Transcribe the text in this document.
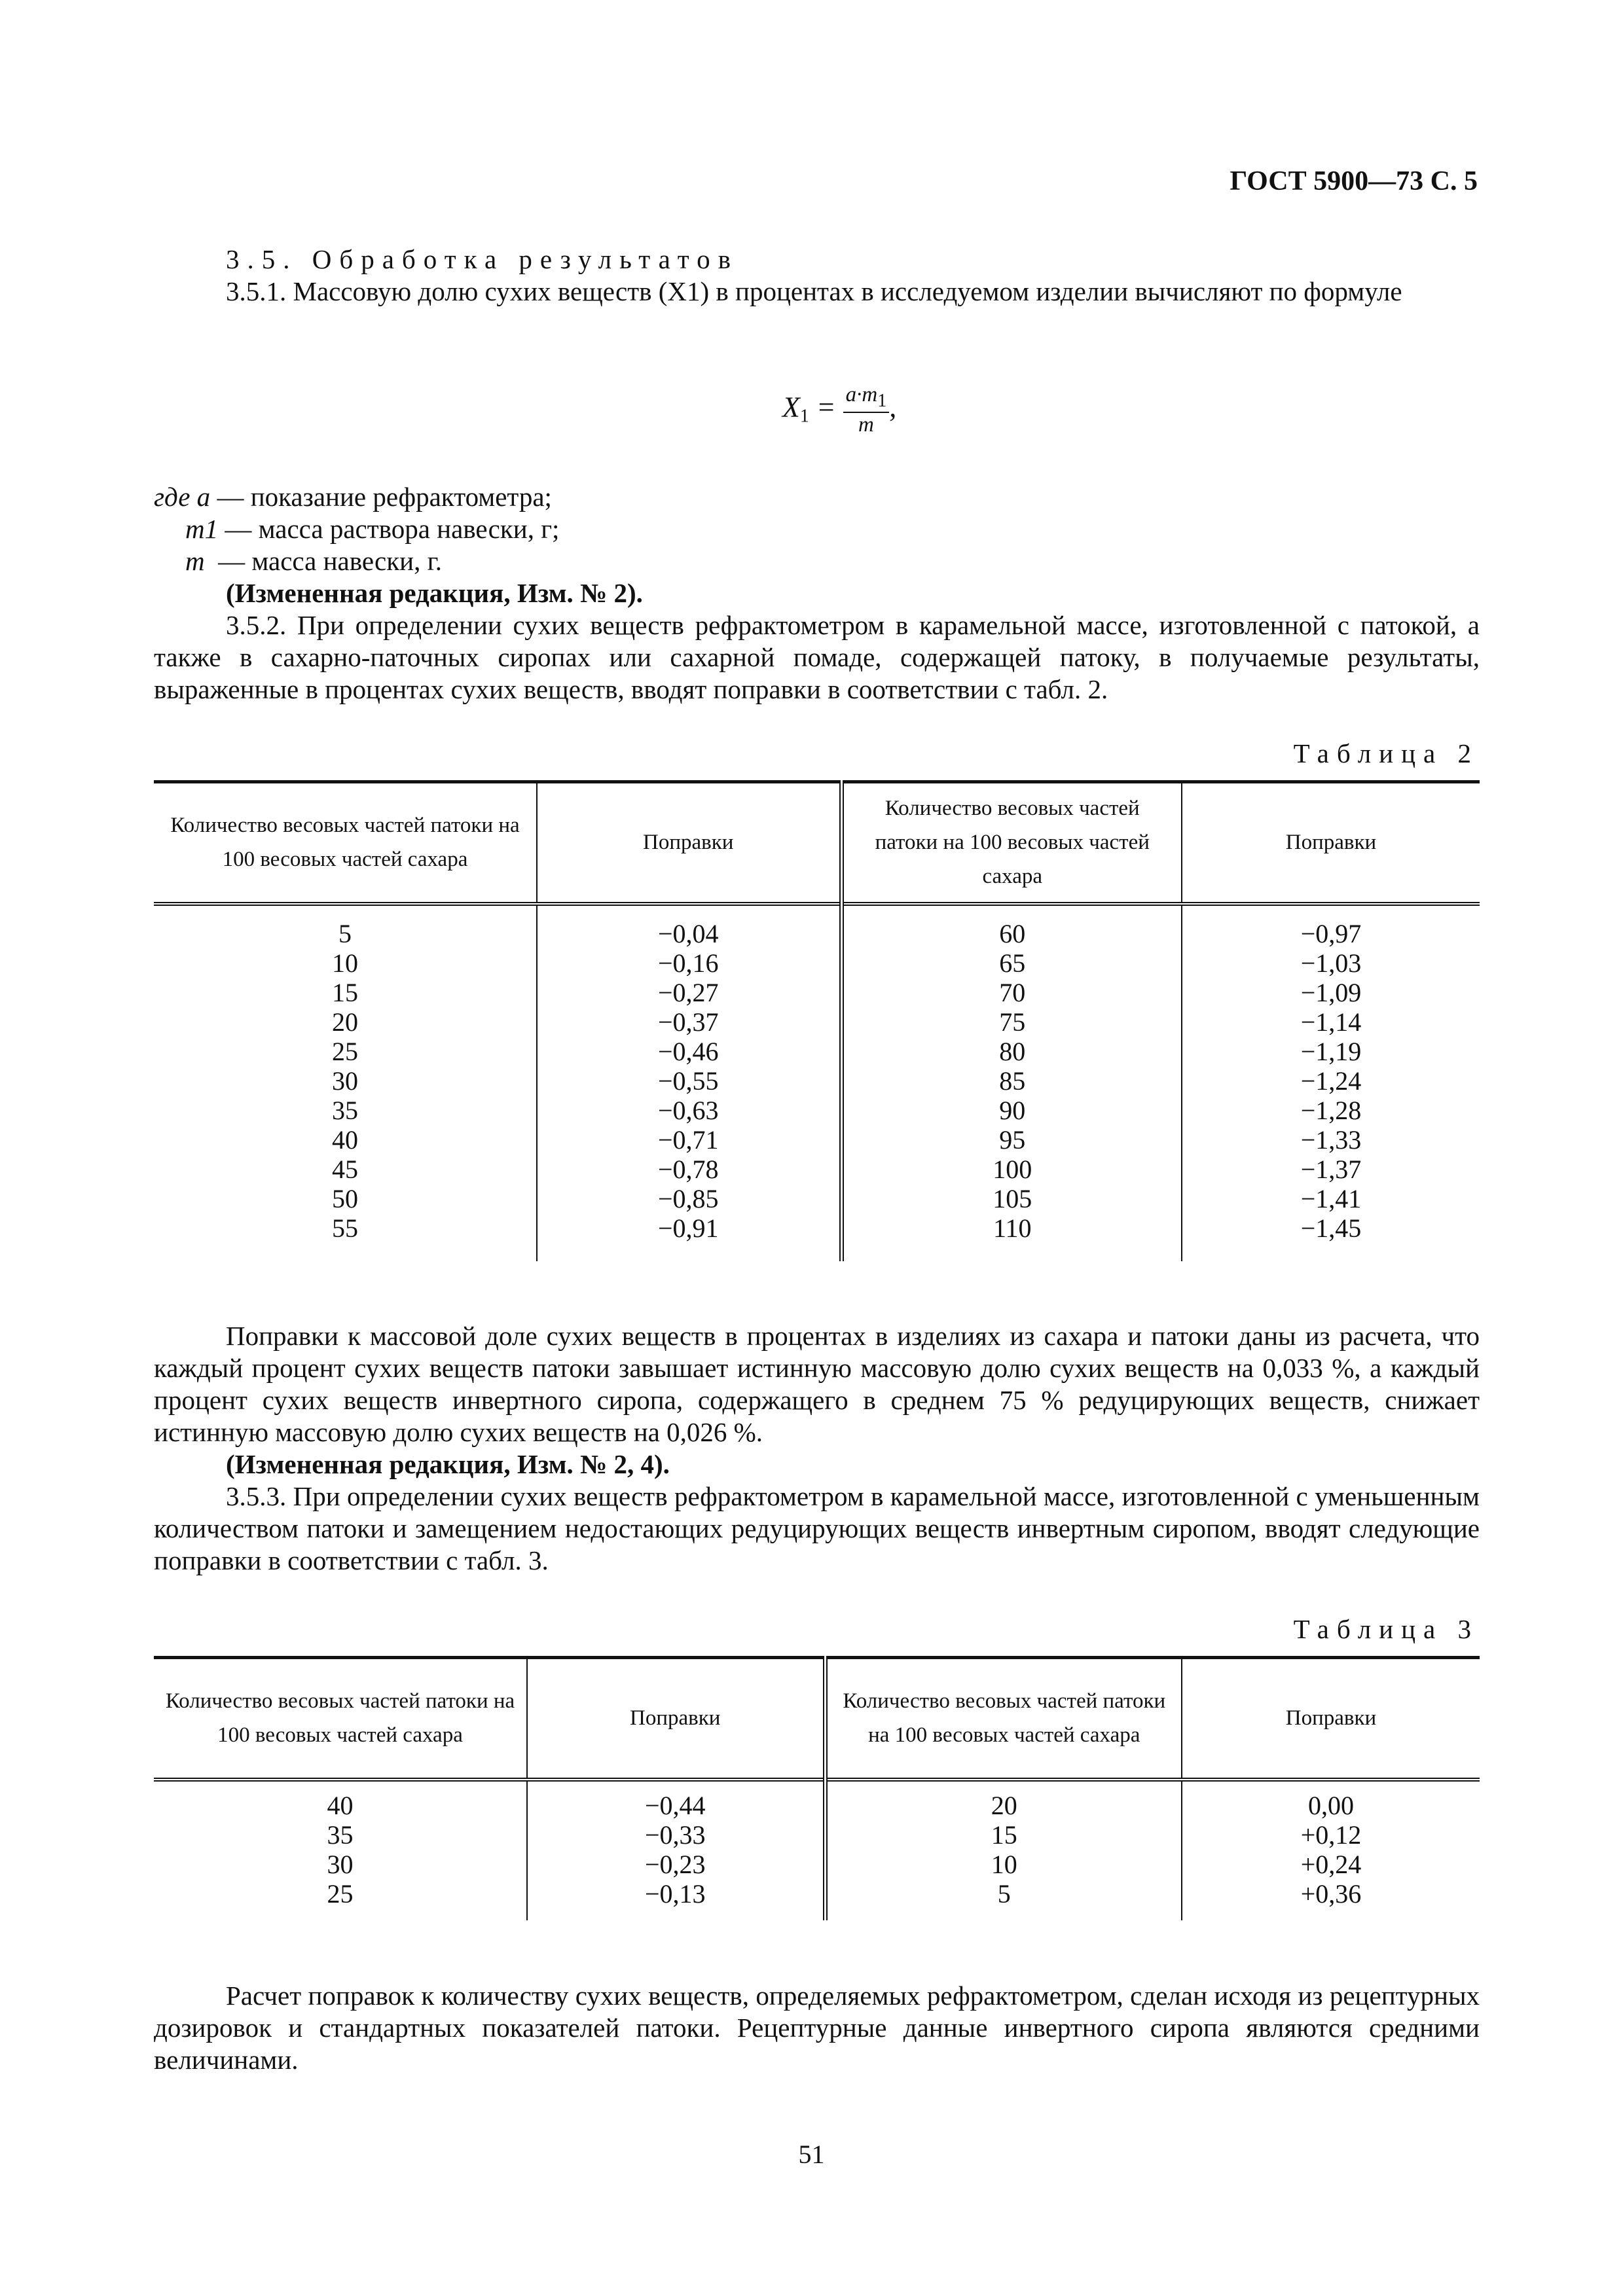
ГОСТ 5900—73 С. 5

3.5. Обработка результатов

3.5.1. Массовую долю сухих веществ (X1) в процентах в исследуемом изделии вычисляют по формуле

$X_1 = \frac{a\cdot m_1}{m}$ ,
где a — показание рефрактометра;
m1 — масса раствора навески, г;
m  — масса навески, г.

(Измененная редакция, Изм. № 2).

3.5.2. При определении сухих веществ рефрактометром в карамельной массе, изготовленной с патокой, а также в сахарно-паточных сиропах или сахарной помаде, содержащей патоку, в получаемые результаты, выраженные в процентах сухих веществ, вводят поправки в соответствии с табл. 2.

Таблица 2
Количество весовых частей патоки на 100 весовых частей сахара	Поправки	Количество весовых частей патоки на 100 весовых частей сахара	Поправки

5	−0,04	60	−0,97
10	−0,16	65	−1,03
15	−0,27	70	−1,09
20	−0,37	75	−1,14
25	−0,46	80	−1,19
30	−0,55	85	−1,24
35	−0,63	90	−1,28
40	−0,71	95	−1,33
45	−0,78	100	−1,37
50	−0,85	105	−1,41
55	−0,91	110	−1,45

Поправки к массовой доле сухих веществ в процентах в изделиях из сахара и патоки даны из расчета, что каждый процент сухих веществ патоки завышает истинную массовую долю сухих веществ на 0,033 %, а каждый процент сухих веществ инвертного сиропа, содержащего в среднем 75 % редуцирующих веществ, снижает истинную массовую долю сухих веществ на 0,026 %.

(Измененная редакция, Изм. № 2, 4).

3.5.3. При определении сухих веществ рефрактометром в карамельной массе, изготовленной с уменьшенным количеством патоки и замещением недостающих редуцирующих веществ инвертным сиропом, вводят следующие поправки в соответствии с табл. 3.

Таблица 3
Количество весовых частей патоки на 100 весовых частей сахара	Поправки	Количество весовых частей патоки на 100 весовых частей сахара	Поправки

40	−0,44	20	0,00
35	−0,33	15	+0,12
30	−0,23	10	+0,24
25	−0,13	5	+0,36

Расчет поправок к количеству сухих веществ, определяемых рефрактометром, сделан исходя из рецептурных дозировок и стандартных показателей патоки. Рецептурные данные инвертного сиропа являются средними величинами.

51
